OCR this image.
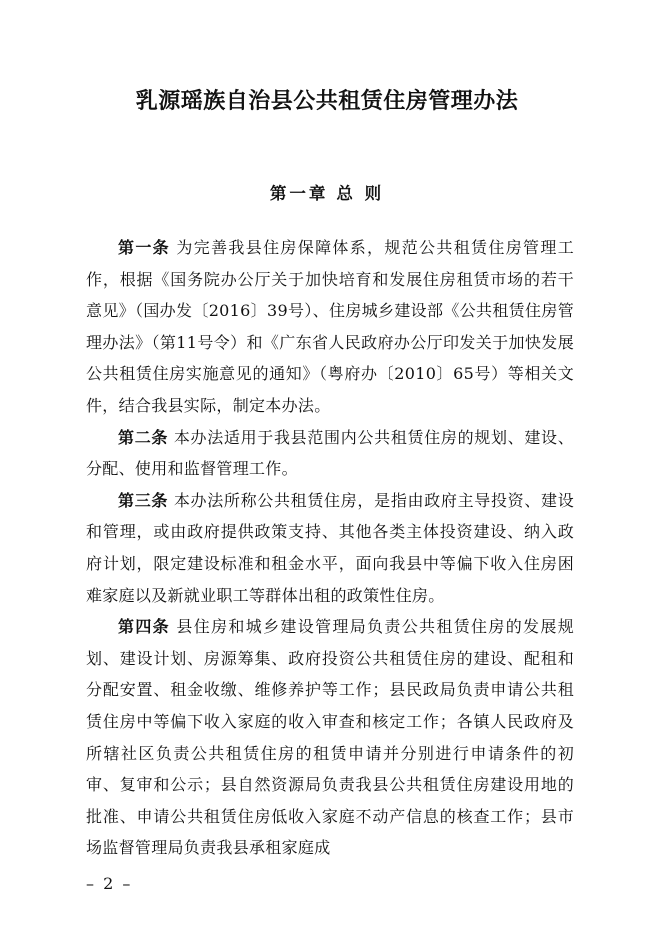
乳源瑶族自治县公共租赁住房管理办法
第一章 总 则

第一条 为完善我县住房保障体系，规范公共租赁住房管理工作，根据《国务院办公厅关于加快培育和发展住房租赁市场的若干意见》（国办发〔2016〕39号）、住房城乡建设部《公共租赁住房管理办法》（第11号令）和《广东省人民政府办公厅印发关于加快发展公共租赁住房实施意见的通知》（粤府办〔2010〕65号）等相关文件，结合我县实际，制定本办法。

第二条 本办法适用于我县范围内公共租赁住房的规划、建设、分配、使用和监督管理工作。

第三条 本办法所称公共租赁住房，是指由政府主导投资、建设和管理，或由政府提供政策支持、其他各类主体投资建设、纳入政府计划，限定建设标准和租金水平，面向我县中等偏下收入住房困难家庭以及新就业职工等群体出租的政策性住房。

第四条 县住房和城乡建设管理局负责公共租赁住房的发展规划、建设计划、房源筹集、政府投资公共租赁住房的建设、配租和分配安置、租金收缴、维修养护等工作；县民政局负责申请公共租赁住房中等偏下收入家庭的收入审查和核定工作；各镇人民政府及所辖社区负责公共租赁住房的租赁申请并分别进行申请条件的初审、复审和公示；县自然资源局负责我县公共租赁住房建设用地的批准、申请公共租赁住房低收入家庭不动产信息的核查工作；县市场监督管理局负责我县承租家庭成

– 2 –
